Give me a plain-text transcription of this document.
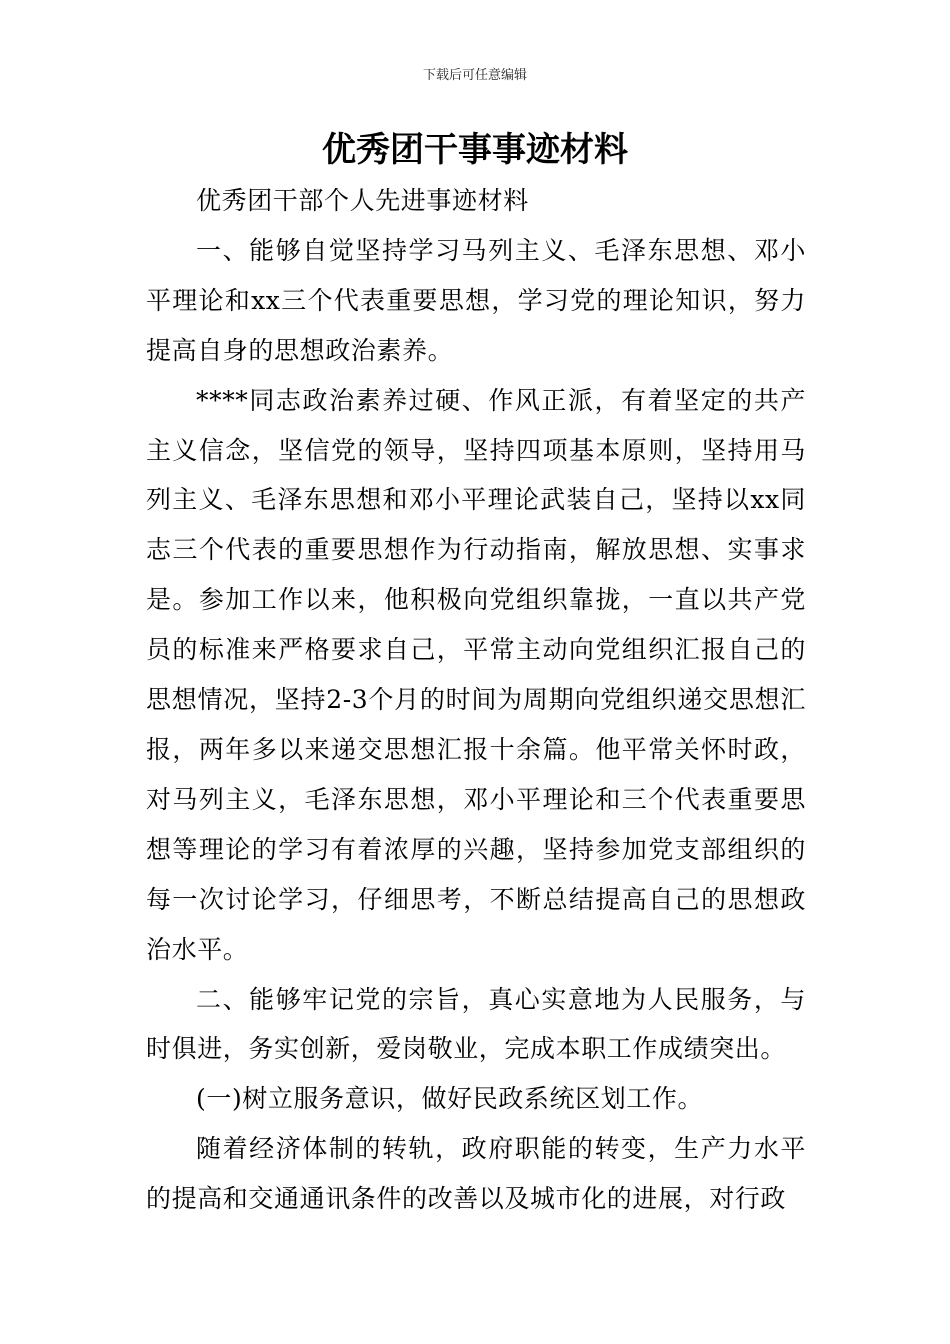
下载后可任意编辑
优秀团干事事迹材料

优秀团干部个人先进事迹材料

一、能够自觉坚持学习马列主义、毛泽东思想、邓小平理论和xx三个代表重要思想，学习党的理论知识，努力提高自身的思想政治素养。

****同志政治素养过硬、作风正派，有着坚定的共产主义信念，坚信党的领导，坚持四项基本原则，坚持用马列主义、毛泽东思想和邓小平理论武装自己，坚持以xx同志三个代表的重要思想作为行动指南，解放思想、实事求是。参加工作以来，他积极向党组织靠拢，一直以共产党员的标准来严格要求自己，平常主动向党组织汇报自己的思想情况，坚持2-3个月的时间为周期向党组织递交思想汇报，两年多以来递交思想汇报十余篇。他平常关怀时政，对马列主义，毛泽东思想，邓小平理论和三个代表重要思想等理论的学习有着浓厚的兴趣，坚持参加党支部组织的每一次讨论学习，仔细思考，不断总结提高自己的思想政治水平。

二、能够牢记党的宗旨，真心实意地为人民服务，与时俱进，务实创新，爱岗敬业，完成本职工作成绩突出。

(一)树立服务意识，做好民政系统区划工作。

随着经济体制的转轨，政府职能的转变，生产力水平的提高和交通通讯条件的改善以及城市化的进展，对行政
